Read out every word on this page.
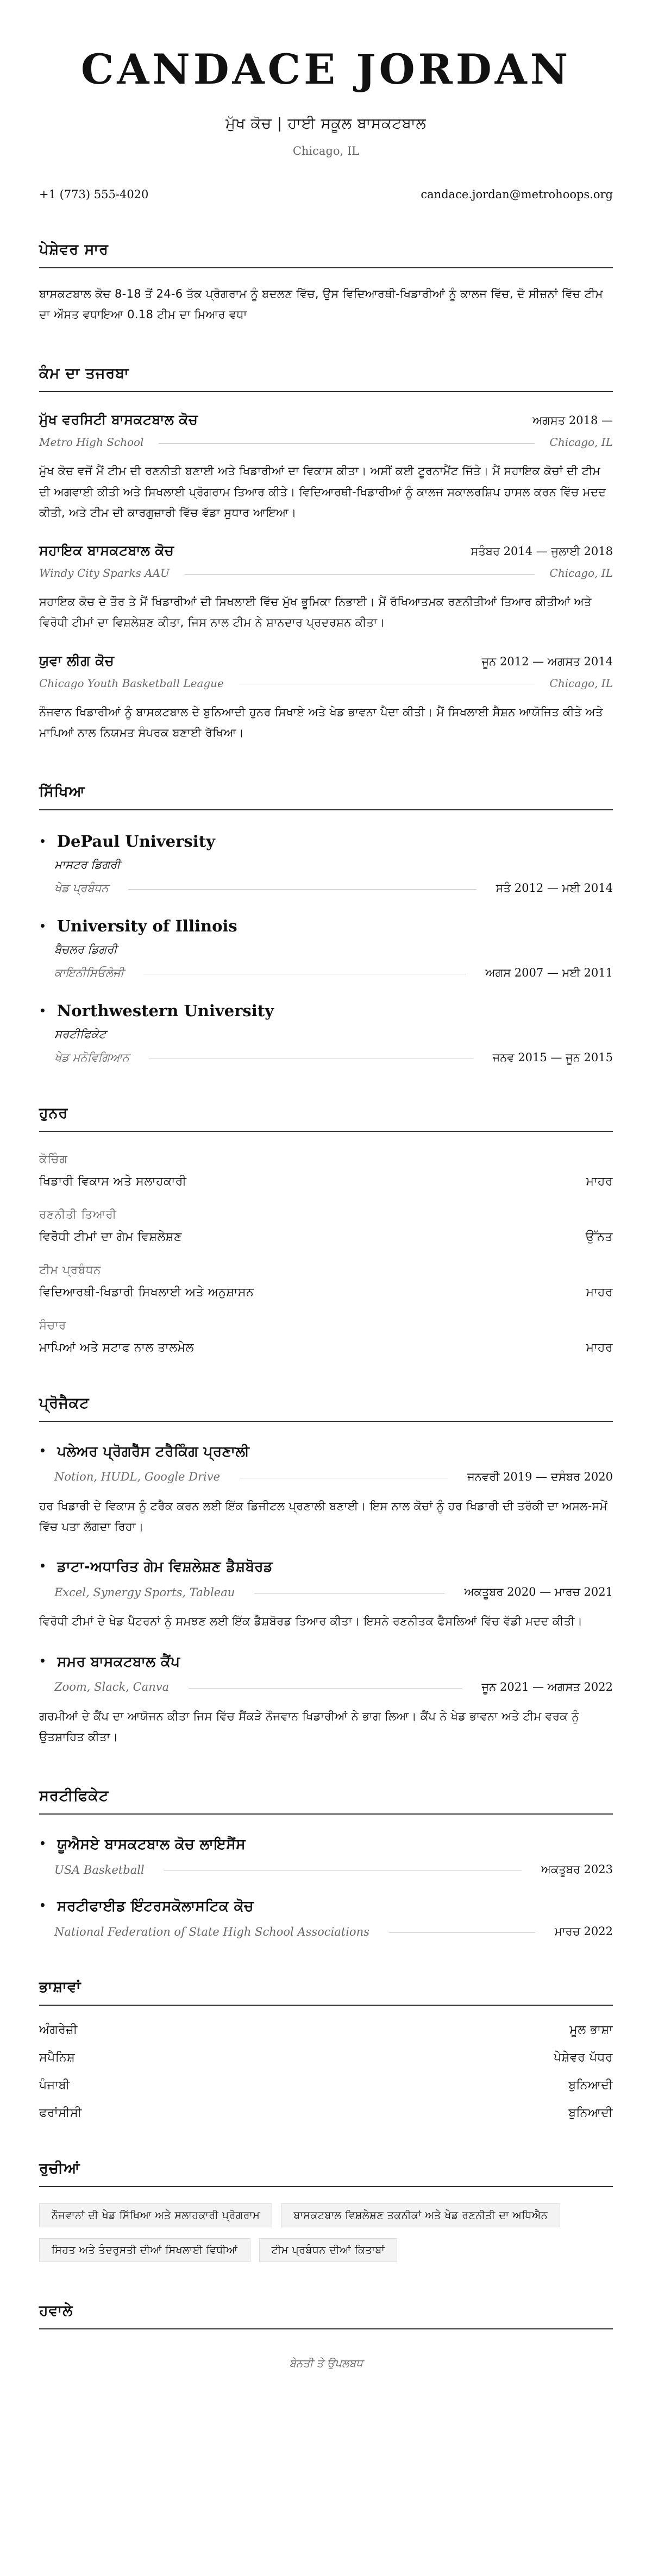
CANDACE JORDAN
ਮੁੱਖ ਕੋਚ | ਹਾਈ ਸਕੂਲ ਬਾਸਕਟਬਾਲ
Chicago, IL
+1 (773) 555-4020	candace.jordan@metrohoops.org
ਪੇਸ਼ੇਵਰ ਸਾਰ
ਬਾਸਕਟਬਾਲ ਕੋਚ 8-18 ਤੋਂ 24-6 ਤੱਕ ਪ੍ਰੋਗਰਾਮ ਨੂੰ ਬਦਲਣ ਵਿੱਚ, ਉਸ ਵਿਦਿਆਰਥੀ-ਖਿਡਾਰੀਆਂ ਨੂੰ ਕਾਲਜ ਵਿੱਚ, ਦੋ ਸੀਜ਼ਨਾਂ ਵਿੱਚ ਟੀਮ ਦਾ ਔਸਤ ਵਧਾਇਆ 0.18 ਟੀਮ ਦਾ ਮਿਆਰ ਵਧਾ
ਕੰਮ ਦਾ ਤਜਰਬਾ
ਮੁੱਖ ਵਰਸਿਟੀ ਬਾਸਕਟਬਾਲ ਕੋਚ	ਅਗਸਤ 2018 —
Metro High School	Chicago, IL
ਮੁੱਖ ਕੋਚ ਵਜੋਂ ਮੈਂ ਟੀਮ ਦੀ ਰਣਨੀਤੀ ਬਣਾਈ ਅਤੇ ਖਿਡਾਰੀਆਂ ਦਾ ਵਿਕਾਸ ਕੀਤਾ। ਅਸੀਂ ਕਈ ਟੂਰਨਾਮੈਂਟ ਜਿੱਤੇ। ਮੈਂ ਸਹਾਇਕ ਕੋਚਾਂ ਦੀ ਟੀਮ ਦੀ ਅਗਵਾਈ ਕੀਤੀ ਅਤੇ ਸਿਖਲਾਈ ਪ੍ਰੋਗਰਾਮ ਤਿਆਰ ਕੀਤੇ। ਵਿਦਿਆਰਥੀ-ਖਿਡਾਰੀਆਂ ਨੂੰ ਕਾਲਜ ਸਕਾਲਰਸ਼ਿਪ ਹਾਸਲ ਕਰਨ ਵਿੱਚ ਮਦਦ ਕੀਤੀ, ਅਤੇ ਟੀਮ ਦੀ ਕਾਰਗੁਜ਼ਾਰੀ ਵਿੱਚ ਵੱਡਾ ਸੁਧਾਰ ਆਇਆ।
ਸਹਾਇਕ ਬਾਸਕਟਬਾਲ ਕੋਚ	ਸਤੰਬਰ 2014 — ਜੁਲਾਈ 2018
Windy City Sparks AAU	Chicago, IL
ਸਹਾਇਕ ਕੋਚ ਦੇ ਤੌਰ ਤੇ ਮੈਂ ਖਿਡਾਰੀਆਂ ਦੀ ਸਿਖਲਾਈ ਵਿੱਚ ਮੁੱਖ ਭੂਮਿਕਾ ਨਿਭਾਈ। ਮੈਂ ਰੱਖਿਆਤਮਕ ਰਣਨੀਤੀਆਂ ਤਿਆਰ ਕੀਤੀਆਂ ਅਤੇ ਵਿਰੋਧੀ ਟੀਮਾਂ ਦਾ ਵਿਸ਼ਲੇਸ਼ਣ ਕੀਤਾ, ਜਿਸ ਨਾਲ ਟੀਮ ਨੇ ਸ਼ਾਨਦਾਰ ਪ੍ਰਦਰਸ਼ਨ ਕੀਤਾ।
ਯੁਵਾ ਲੀਗ ਕੋਚ	ਜੂਨ 2012 — ਅਗਸਤ 2014
Chicago Youth Basketball League	Chicago, IL
ਨੌਜਵਾਨ ਖਿਡਾਰੀਆਂ ਨੂੰ ਬਾਸਕਟਬਾਲ ਦੇ ਬੁਨਿਆਦੀ ਹੁਨਰ ਸਿਖਾਏ ਅਤੇ ਖੇਡ ਭਾਵਨਾ ਪੈਦਾ ਕੀਤੀ। ਮੈਂ ਸਿਖਲਾਈ ਸੈਸ਼ਨ ਆਯੋਜਿਤ ਕੀਤੇ ਅਤੇ ਮਾਪਿਆਂ ਨਾਲ ਨਿਯਮਤ ਸੰਪਰਕ ਬਣਾਈ ਰੱਖਿਆ।
ਸਿੱਖਿਆ
• DePaul University
ਮਾਸਟਰ ਡਿਗਰੀ
ਖੇਡ ਪ੍ਰਬੰਧਨ	ਸਤੰ 2012 — ਮਈ 2014
• University of Illinois
ਬੈਚਲਰ ਡਿਗਰੀ
ਕਾਇਨੀਸਿਓਲੋਜੀ	ਅਗਸ 2007 — ਮਈ 2011
• Northwestern University
ਸਰਟੀਫਿਕੇਟ
ਖੇਡ ਮਨੋਵਿਗਿਆਨ	ਜਨਵ 2015 — ਜੂਨ 2015
ਹੁਨਰ
ਕੋਚਿੰਗ
ਖਿਡਾਰੀ ਵਿਕਾਸ ਅਤੇ ਸਲਾਹਕਾਰੀ	ਮਾਹਰ
ਰਣਨੀਤੀ ਤਿਆਰੀ
ਵਿਰੋਧੀ ਟੀਮਾਂ ਦਾ ਗੇਮ ਵਿਸ਼ਲੇਸ਼ਣ	ਉੱਨਤ
ਟੀਮ ਪ੍ਰਬੰਧਨ
ਵਿਦਿਆਰਥੀ-ਖਿਡਾਰੀ ਸਿਖਲਾਈ ਅਤੇ ਅਨੁਸ਼ਾਸਨ	ਮਾਹਰ
ਸੰਚਾਰ
ਮਾਪਿਆਂ ਅਤੇ ਸਟਾਫ ਨਾਲ ਤਾਲਮੇਲ	ਮਾਹਰ
ਪ੍ਰੋਜੈਕਟ
• ਪਲੇਅਰ ਪ੍ਰੋਗਰੈੱਸ ਟਰੈਕਿੰਗ ਪ੍ਰਣਾਲੀ
Notion, HUDL, Google Drive	ਜਨਵਰੀ 2019 — ਦਸੰਬਰ 2020
ਹਰ ਖਿਡਾਰੀ ਦੇ ਵਿਕਾਸ ਨੂੰ ਟਰੈਕ ਕਰਨ ਲਈ ਇੱਕ ਡਿਜੀਟਲ ਪ੍ਰਣਾਲੀ ਬਣਾਈ। ਇਸ ਨਾਲ ਕੋਚਾਂ ਨੂੰ ਹਰ ਖਿਡਾਰੀ ਦੀ ਤਰੱਕੀ ਦਾ ਅਸਲ-ਸਮੇਂ ਵਿੱਚ ਪਤਾ ਲੱਗਦਾ ਰਿਹਾ।
• ਡਾਟਾ-ਅਧਾਰਿਤ ਗੇਮ ਵਿਸ਼ਲੇਸ਼ਣ ਡੈਸ਼ਬੋਰਡ
Excel, Synergy Sports, Tableau	ਅਕਤੂਬਰ 2020 — ਮਾਰਚ 2021
ਵਿਰੋਧੀ ਟੀਮਾਂ ਦੇ ਖੇਡ ਪੈਟਰਨਾਂ ਨੂੰ ਸਮਝਣ ਲਈ ਇੱਕ ਡੈਸ਼ਬੋਰਡ ਤਿਆਰ ਕੀਤਾ। ਇਸਨੇ ਰਣਨੀਤਕ ਫੈਸਲਿਆਂ ਵਿੱਚ ਵੱਡੀ ਮਦਦ ਕੀਤੀ।
• ਸਮਰ ਬਾਸਕਟਬਾਲ ਕੈਂਪ
Zoom, Slack, Canva	ਜੂਨ 2021 — ਅਗਸਤ 2022
ਗਰਮੀਆਂ ਦੇ ਕੈਂਪ ਦਾ ਆਯੋਜਨ ਕੀਤਾ ਜਿਸ ਵਿੱਚ ਸੈਂਕੜੇ ਨੌਜਵਾਨ ਖਿਡਾਰੀਆਂ ਨੇ ਭਾਗ ਲਿਆ। ਕੈਂਪ ਨੇ ਖੇਡ ਭਾਵਨਾ ਅਤੇ ਟੀਮ ਵਰਕ ਨੂੰ ਉਤਸ਼ਾਹਿਤ ਕੀਤਾ।
ਸਰਟੀਫਿਕੇਟ
• ਯੂਐਸਏ ਬਾਸਕਟਬਾਲ ਕੋਚ ਲਾਇਸੈਂਸ
USA Basketball	ਅਕਤੂਬਰ 2023
• ਸਰਟੀਫਾਈਡ ਇੰਟਰਸਕੋਲਾਸਟਿਕ ਕੋਚ
National Federation of State High School Associations	ਮਾਰਚ 2022
ਭਾਸ਼ਾਵਾਂ
ਅੰਗਰੇਜ਼ੀ	ਮੂਲ ਭਾਸ਼ਾ
ਸਪੈਨਿਸ਼	ਪੇਸ਼ੇਵਰ ਪੱਧਰ
ਪੰਜਾਬੀ	ਬੁਨਿਆਦੀ
ਫਰਾਂਸੀਸੀ	ਬੁਨਿਆਦੀ
ਰੁਚੀਆਂ
ਨੌਜਵਾਨਾਂ ਦੀ ਖੇਡ ਸਿੱਖਿਆ ਅਤੇ ਸਲਾਹਕਾਰੀ ਪ੍ਰੋਗਰਾਮ	ਬਾਸਕਟਬਾਲ ਵਿਸ਼ਲੇਸ਼ਣ ਤਕਨੀਕਾਂ ਅਤੇ ਖੇਡ ਰਣਨੀਤੀ ਦਾ ਅਧਿਐਨ
ਸਿਹਤ ਅਤੇ ਤੰਦਰੁਸਤੀ ਦੀਆਂ ਸਿਖਲਾਈ ਵਿਧੀਆਂ	ਟੀਮ ਪ੍ਰਬੰਧਨ ਦੀਆਂ ਕਿਤਾਬਾਂ
ਹਵਾਲੇ
ਬੇਨਤੀ ਤੇ ਉਪਲਬਧ
